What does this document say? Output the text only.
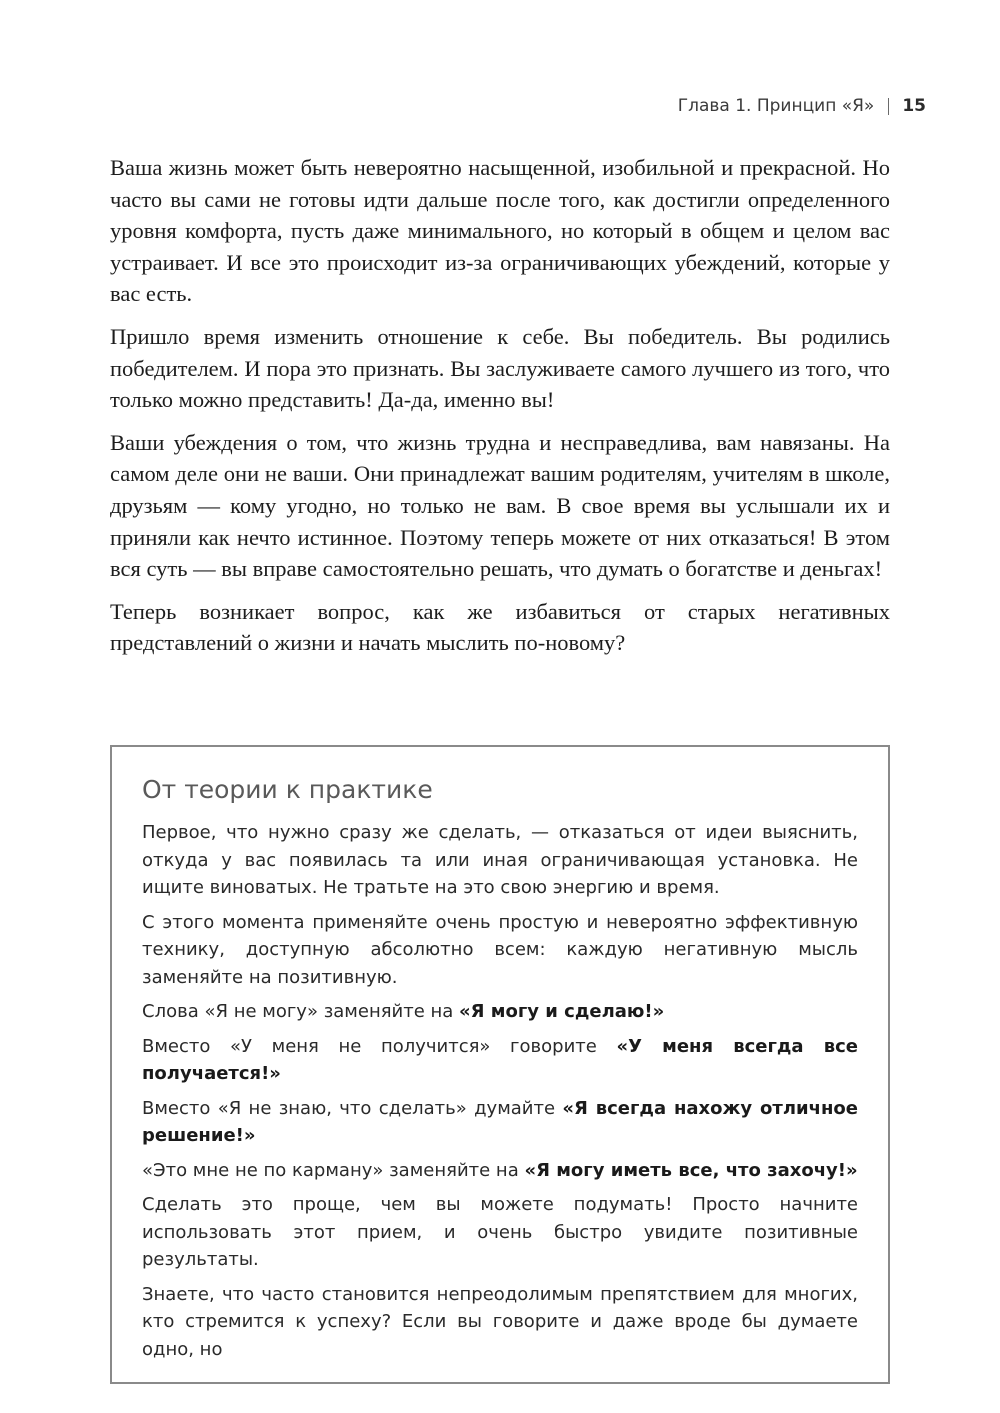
Глава 1. Принцип «Я» 15

Ваша жизнь может быть невероятно насыщенной, изобильной и прекрасной. Но часто вы сами не готовы идти дальше после того, как достигли определенного уровня комфорта, пусть даже минимального, но который в общем и целом вас устраивает. И все это происходит из-за ограничивающих убеждений, которые у вас есть.

Пришло время изменить отношение к себе. Вы победитель. Вы родились победителем. И пора это признать. Вы заслуживаете самого лучшего из того, что только можно представить! Да-да, именно вы!

Ваши убеждения о том, что жизнь трудна и несправедлива, вам навязаны. На самом деле они не ваши. Они принадлежат вашим родителям, учителям в школе, друзьям — кому угодно, но только не вам. В свое время вы услышали их и приняли как нечто истинное. Поэтому теперь можете от них отказаться! В этом вся суть — вы вправе самостоятельно решать, что думать о богатстве и деньгах!

Теперь возникает вопрос, как же избавиться от старых негативных представлений о жизни и начать мыслить по-новому?

От теории к практике

Первое, что нужно сразу же сделать, — отказаться от идеи выяснить, откуда у вас появилась та или иная ограничивающая установка. Не ищите виноватых. Не тратьте на это свою энергию и время.

С этого момента применяйте очень простую и невероятно эффективную технику, доступную абсолютно всем: каждую негативную мысль заменяйте на позитивную.

Слова «Я не могу» заменяйте на «Я могу и сделаю!»

Вместо «У меня не получится» говорите «У меня всегда все получается!»

Вместо «Я не знаю, что сделать» думайте «Я всегда нахожу отличное решение!»

«Это мне не по карману» заменяйте на «Я могу иметь все, что захочу!»

Сделать это проще, чем вы можете подумать! Просто начните использовать этот прием, и очень быстро увидите позитивные результаты.

Знаете, что часто становится непреодолимым препятствием для многих, кто стремится к успеху? Если вы говорите и даже вроде бы думаете одно, но
